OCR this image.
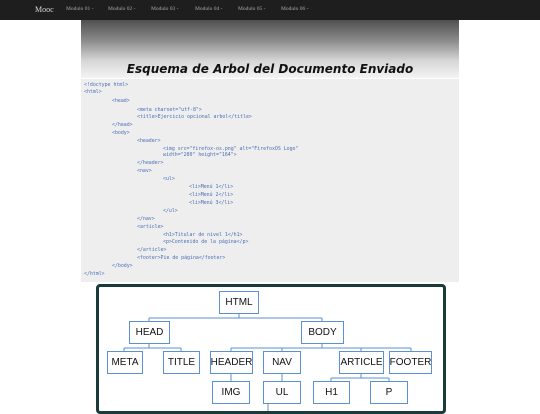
Mooc Modulo 01 -	Modulo 02 -	Modulo 03 -	Modulo 04 -	Modulo 05 -	Modulo 06 -
Esquema de Arbol del Documento Enviado
<!doctype html>
<html>
<head>
<meta charset="utf-8">
<title>Ejercicio opcional arbol</title>
</head>
<body>
<header>
<img src="firefox-os.png" alt="FirefoxOS Logo"
width="200" height="164">
</header>
<nav>
<ul>
<li>Menú 1</li>
<li>Menú 2</li>
<li>Menú 3</li>
</ul>
</nav>
<article>
<h1>Titular de nivel 1</h1>
<p>Contenido de la página</p>
</article>
<footer>Pie de página</footer>
</body>
</html>
HTML
HEAD	BODY
META	TITLE	HEADER	NAV	ARTICLE FOOTER
IMG	UL	H1	P
